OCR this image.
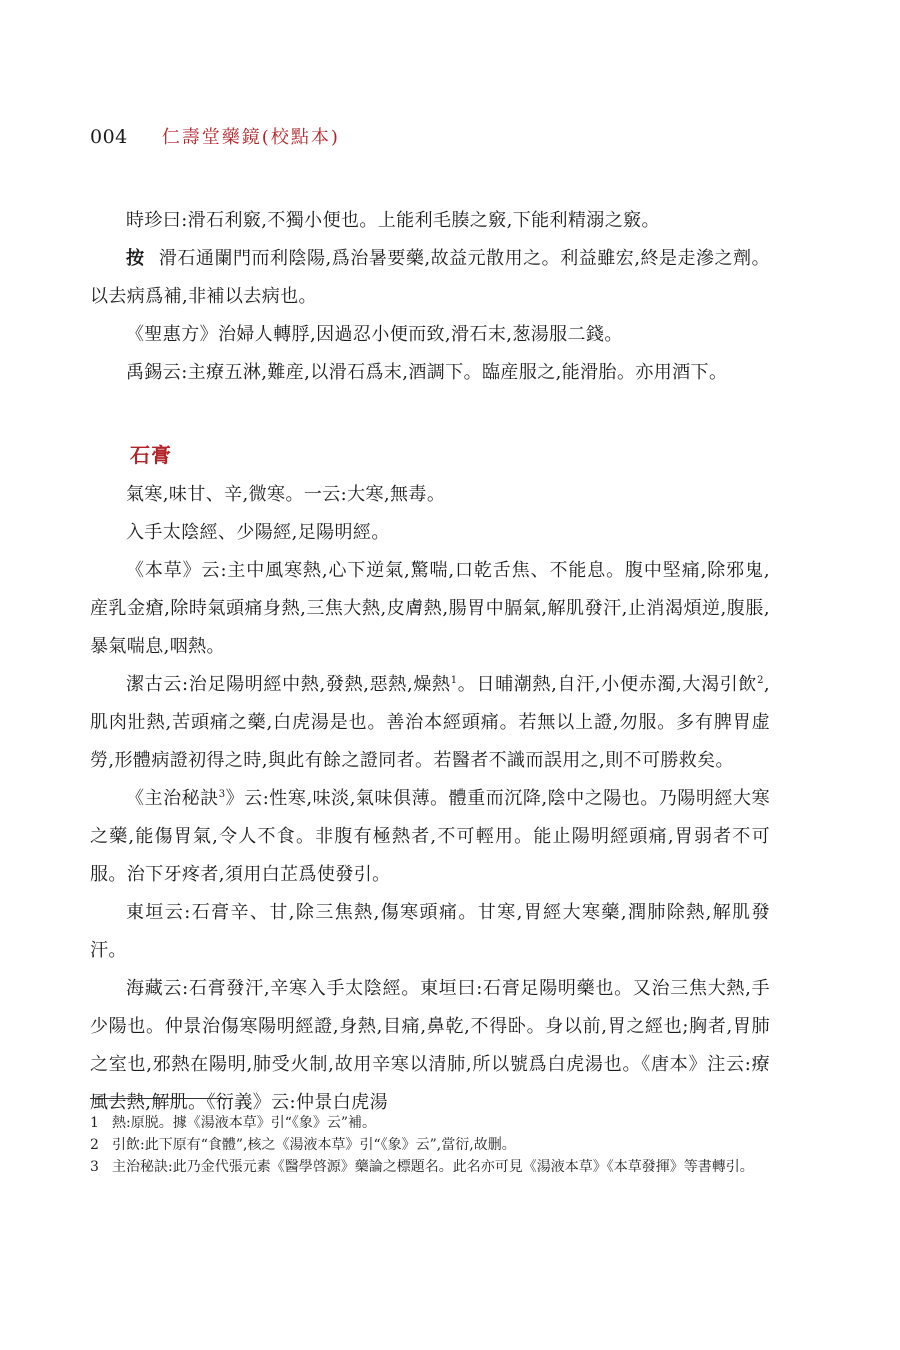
004 仁壽堂藥鏡(校點本)

時珍曰:滑石利竅,不獨小便也。上能利毛腠之竅,下能利精溺之竅。

按 滑石通闌門而利陰陽,爲治暑要藥,故益元散用之。利益雖宏,終是走滲之劑。以去病爲補,非補以去病也。

《聖惠方》治婦人轉脬,因過忍小便而致,滑石末,葱湯服二錢。

禹錫云:主療五淋,難産,以滑石爲末,酒調下。臨産服之,能滑胎。亦用酒下。

石膏

氣寒,味甘、辛,微寒。一云:大寒,無毒。

入手太陰經、少陽經,足陽明經。

《本草》云:主中風寒熱,心下逆氣,驚喘,口乾舌焦、不能息。腹中堅痛,除邪鬼,産乳金瘡,除時氣頭痛身熱,三焦大熱,皮膚熱,腸胃中膈氣,解肌發汗,止消渴煩逆,腹脹,暴氣喘息,咽熱。

潔古云:治足陽明經中熱,發熱,惡熱,燥熱$^1$。日晡潮熱,自汗,小便赤濁,大渴引飲$^2$,肌肉壯熱,苦頭痛之藥,白虎湯是也。善治本經頭痛。若無以上證,勿服。多有脾胃虚勞,形體病證初得之時,與此有餘之證同者。若醫者不識而誤用之,則不可勝救矣。

《主治秘訣$^3$》云:性寒,味淡,氣味俱薄。體重而沉降,陰中之陽也。乃陽明經大寒之藥,能傷胃氣,令人不食。非腹有極熱者,不可輕用。能止陽明經頭痛,胃弱者不可服。治下牙疼者,須用白芷爲使發引。

東垣云:石膏辛、甘,除三焦熱,傷寒頭痛。甘寒,胃經大寒藥,潤肺除熱,解肌發汗。

海藏云:石膏發汗,辛寒入手太陰經。東垣曰:石膏足陽明藥也。又治三焦大熱,手少陽也。仲景治傷寒陽明經證,身熱,目痛,鼻乾,不得卧。身以前,胃之經也;胸者,胃肺之室也,邪熱在陽明,肺受火制,故用辛寒以清肺,所以號爲白虎湯也。《唐本》注云:療風去熱,解肌。《衍義》云:仲景白虎湯

1 熱:原脱。據《湯液本草》引“《象》云”補。
2 引飲:此下原有“食體”,核之《湯液本草》引“《象》云”,當衍,故删。
3 主治秘訣:此乃金代張元素《醫學啓源》藥論之標題名。此名亦可見《湯液本草》《本草發揮》等書轉引。
